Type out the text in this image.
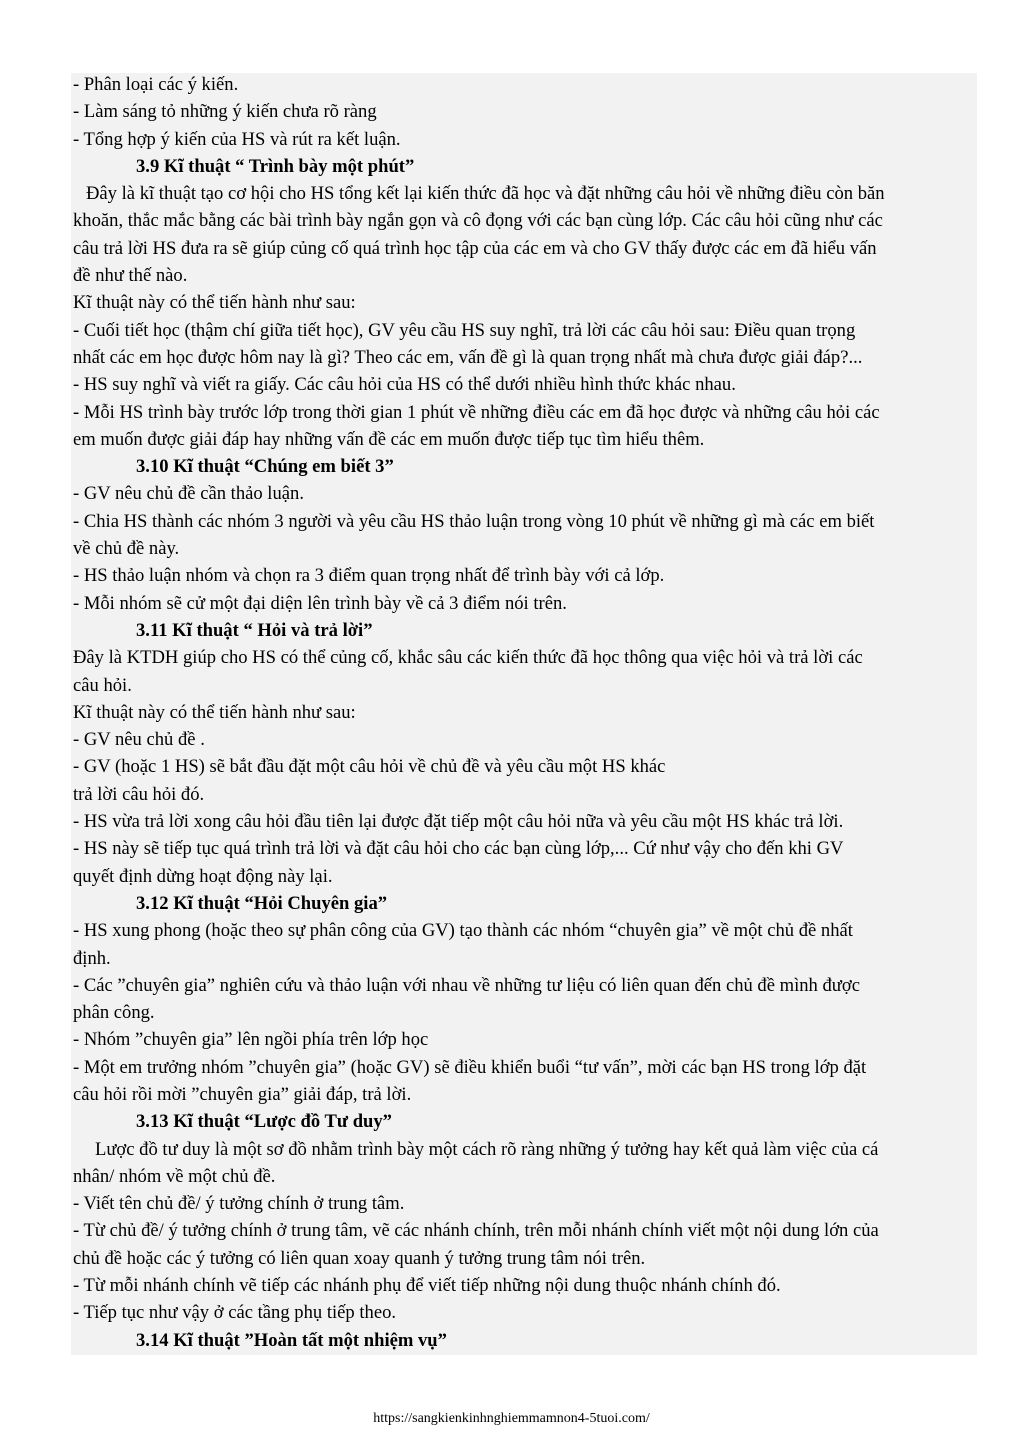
- Phân loại các ý kiến.
- Làm sáng tỏ những ý kiến chưa rõ ràng
- Tổng hợp ý kiến của HS và rút ra kết luận.
3.9 Kĩ thuật “ Trình bày một phút”
Đây là kĩ thuật tạo cơ hội cho HS tổng kết lại kiến thức đã học và đặt những câu hỏi về những điều còn băn
khoăn, thắc mắc bằng các bài trình bày ngắn gọn và cô đọng với các bạn cùng lớp. Các câu hỏi cũng như các
câu trả lời HS đưa ra sẽ giúp củng cố quá trình học tập của các em và cho GV thấy được các em đã hiểu vấn
đề như thế nào.
Kĩ thuật này có thể tiến hành như sau:
- Cuối tiết học (thậm chí giữa tiết học), GV yêu cầu HS suy nghĩ, trả lời các câu hỏi sau: Điều quan trọng
nhất các em học được hôm nay là gì? Theo các em, vấn đề gì là quan trọng nhất mà chưa được giải đáp?...
- HS suy nghĩ và viết ra giấy. Các câu hỏi của HS có thể dưới nhiều hình thức khác nhau.
- Mỗi HS trình bày trước lớp trong thời gian 1 phút về những điều các em đã học được và những câu hỏi các
em muốn được giải đáp hay những vấn đề các em muốn được tiếp tục tìm hiểu thêm.
3.10 Kĩ thuật “Chúng em biết 3”
- GV nêu chủ đề cần thảo luận.
- Chia HS thành các nhóm 3 người và yêu cầu HS thảo luận trong vòng 10 phút về những gì mà các em biết
về chủ đề này.
- HS thảo luận nhóm và chọn ra 3 điểm quan trọng nhất để trình bày với cả lớp.
- Mỗi nhóm sẽ cử một đại diện lên trình bày về cả 3 điểm nói trên.
3.11 Kĩ thuật “ Hỏi và trả lời”
Đây là KTDH giúp cho HS có thể củng cố, khắc sâu các kiến thức đã học thông qua việc hỏi và trả lời các
câu hỏi.
Kĩ thuật này có thể tiến hành như sau:
- GV nêu chủ đề .
- GV (hoặc 1 HS) sẽ bắt đầu đặt một câu hỏi về chủ đề và yêu cầu một HS khác
trả lời câu hỏi đó.
- HS vừa trả lời xong câu hỏi đầu tiên lại được đặt tiếp một câu hỏi nữa và yêu cầu một HS khác trả lời.
- HS này sẽ tiếp tục quá trình trả lời và đặt câu hỏi cho các bạn cùng lớp,... Cứ như vậy cho đến khi GV
quyết định dừng hoạt động này lại.
3.12 Kĩ thuật “Hỏi Chuyên gia”
- HS xung phong (hoặc theo sự phân công của GV) tạo thành các nhóm “chuyên gia” về một chủ đề nhất
định.
- Các ”chuyên gia” nghiên cứu và thảo luận với nhau về những tư liệu có liên quan đến chủ đề mình được
phân công.
- Nhóm ”chuyên gia” lên ngồi phía trên lớp học
- Một em trưởng nhóm ”chuyên gia” (hoặc GV) sẽ điều khiển buổi “tư vấn”, mời các bạn HS trong lớp đặt
câu hỏi rồi mời ”chuyên gia” giải đáp, trả lời.
3.13 Kĩ thuật “Lược đồ Tư duy”
Lược đồ tư duy là một sơ đồ nhằm trình bày một cách rõ ràng những ý tưởng hay kết quả làm việc của cá
nhân/ nhóm về một chủ đề.
- Viết tên chủ đề/ ý tưởng chính ở trung tâm.
- Từ chủ đề/ ý tưởng chính ở trung tâm, vẽ các nhánh chính, trên mỗi nhánh chính viết một nội dung lớn của
chủ đề hoặc các ý tưởng có liên quan xoay quanh ý tưởng trung tâm nói trên.
- Từ mỗi nhánh chính vẽ tiếp các nhánh phụ để viết tiếp những nội dung thuộc nhánh chính đó.
- Tiếp tục như vậy ở các tầng phụ tiếp theo.
3.14 Kĩ thuật ”Hoàn tất một nhiệm vụ”
https://sangkienkinhnghiemmamnon4-5tuoi.com/
